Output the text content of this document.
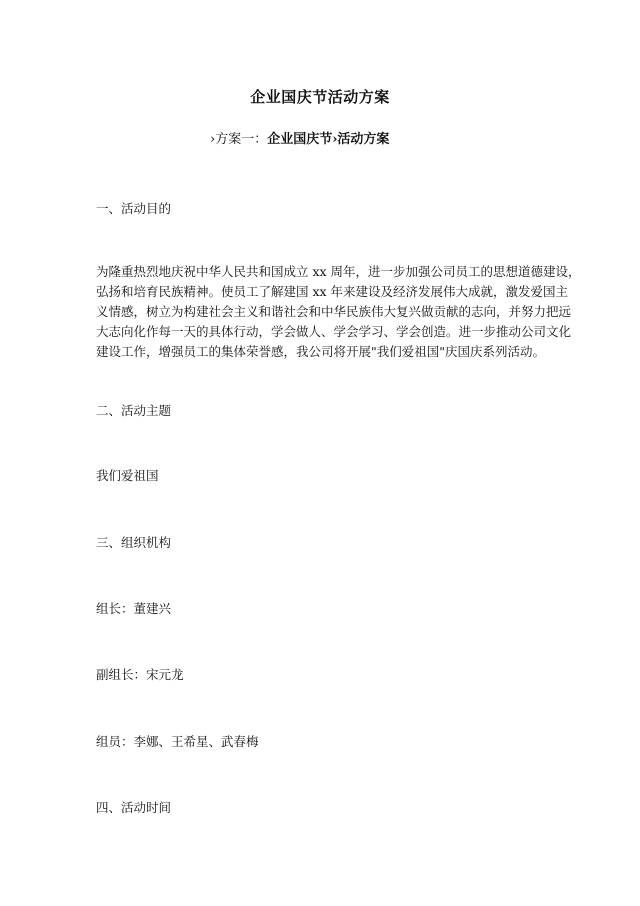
企业国庆节活动方案
›方案一：企业国庆节›活动方案
一、活动目的
为隆重热烈地庆祝中华人民共和国成立 xx 周年，进一步加强公司员工的思想道德建设，
弘扬和培育民族精神。使员工了解建国 xx 年来建设及经济发展伟大成就，激发爱国主
义情感，树立为构建社会主义和谐社会和中华民族伟大复兴做贡献的志向，并努力把远
大志向化作每一天的具体行动，学会做人、学会学习、学会创造。进一步推动公司文化
建设工作，增强员工的集体荣誉感，我公司将开展"我们爱祖国"庆国庆系列活动。
二、活动主题
我们爱祖国
三、组织机构
组长：董建兴
副组长：宋元龙
组员：李娜、王希星、武春梅
四、活动时间
